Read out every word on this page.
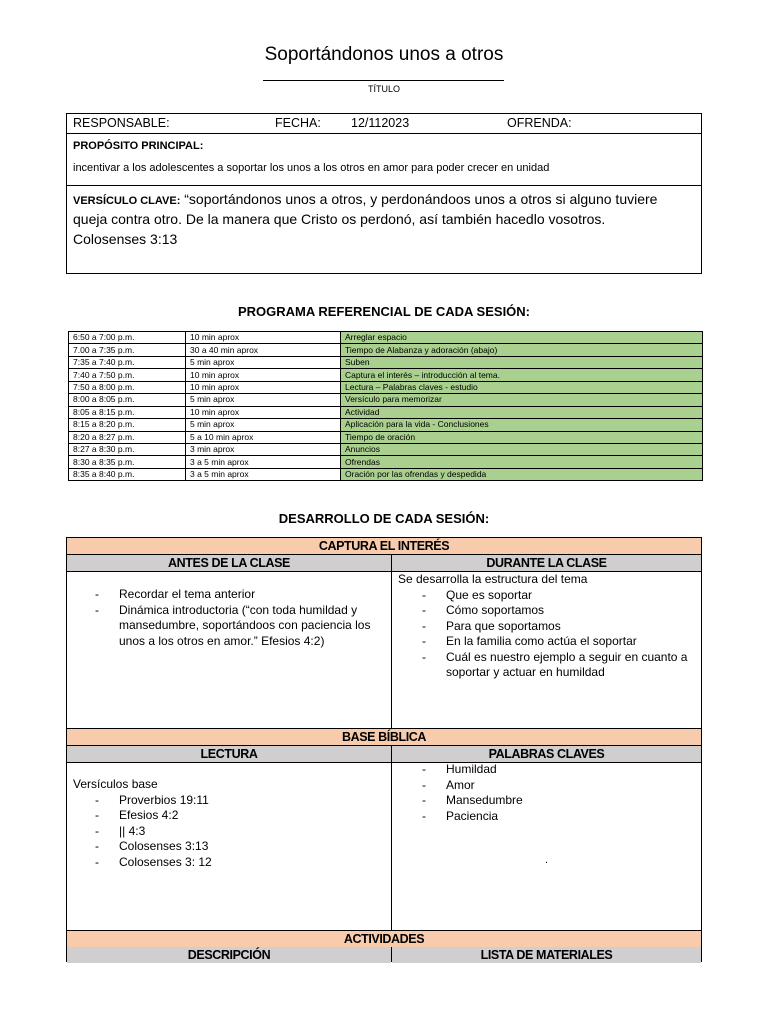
Soportándonos unos a otros
TÍTULO
RESPONSABLE:	FECHA: 12/112023	OFRENDA:
PROPÓSITO PRINCIPAL:
incentivar a los adolescentes a soportar los unos a los otros en amor para poder crecer en unidad
VERSÍCULO CLAVE: “soportándonos unos a otros, y perdonándoos unos a otros si alguno tuviere queja contra otro. De la manera que Cristo os perdonó, así también hacedlo vosotros.
Colosenses 3:13
PROGRAMA REFERENCIAL DE CADA SESIÓN:
6:50 a 7:00 p.m.	10 min aprox	Arreglar espacio
7.00 a 7:35 p.m.	30 a 40 min aprox	Tiempo de Alabanza y adoración (abajo)
7:35 a 7:40 p.m.	5 min aprox	Suben
7:40 a 7:50 p.m.	10 min aprox	Captura el interés – introducción al tema.
7:50 a 8:00 p.m.	10 min aprox	Lectura – Palabras claves - estudio
8:00 a 8:05 p.m.	5 min aprox	Versículo para memorizar
8:05 a 8:15 p.m.	10 min aprox	Actividad
8:15 a 8:20 p.m.	5 min aprox	Aplicación para la vida - Conclusiones
8:20 a 8:27 p.m.	5 a 10 min aprox	Tiempo de oración
8:27 a 8:30 p.m.	3 min aprox	Anuncios
8:30 a 8:35 p.m.	3 a 5 min aprox	Ofrendas
8:35 a 8:40 p.m.	3 a 5 min aprox	Oración por las ofrendas y despedida
DESARROLLO DE CADA SESIÓN:
CAPTURA EL INTERÉS
ANTES DE LA CLASE	DURANTE LA CLASE
- Recordar el tema anterior
- Dinámica introductoria (“con toda humildad y mansedumbre, soportándoos con paciencia los unos a los otros en amor.” Efesios 4:2)
Se desarrolla la estructura del tema
- Que es soportar
- Cómo soportamos
- Para que soportamos
- En la familia como actúa el soportar
- Cuál es nuestro ejemplo a seguir en cuanto a soportar y actuar en humildad
BASE BÍBLICA
LECTURA	PALABRAS CLAVES
Versículos base
- Proverbios 19:11
- Efesios 4:2
- || 4:3
- Colosenses 3:13
- Colosenses 3: 12
- Humildad
- Amor
- Mansedumbre
- Paciencia
.
ACTIVIDADES
DESCRIPCIÓN	LISTA DE MATERIALES
